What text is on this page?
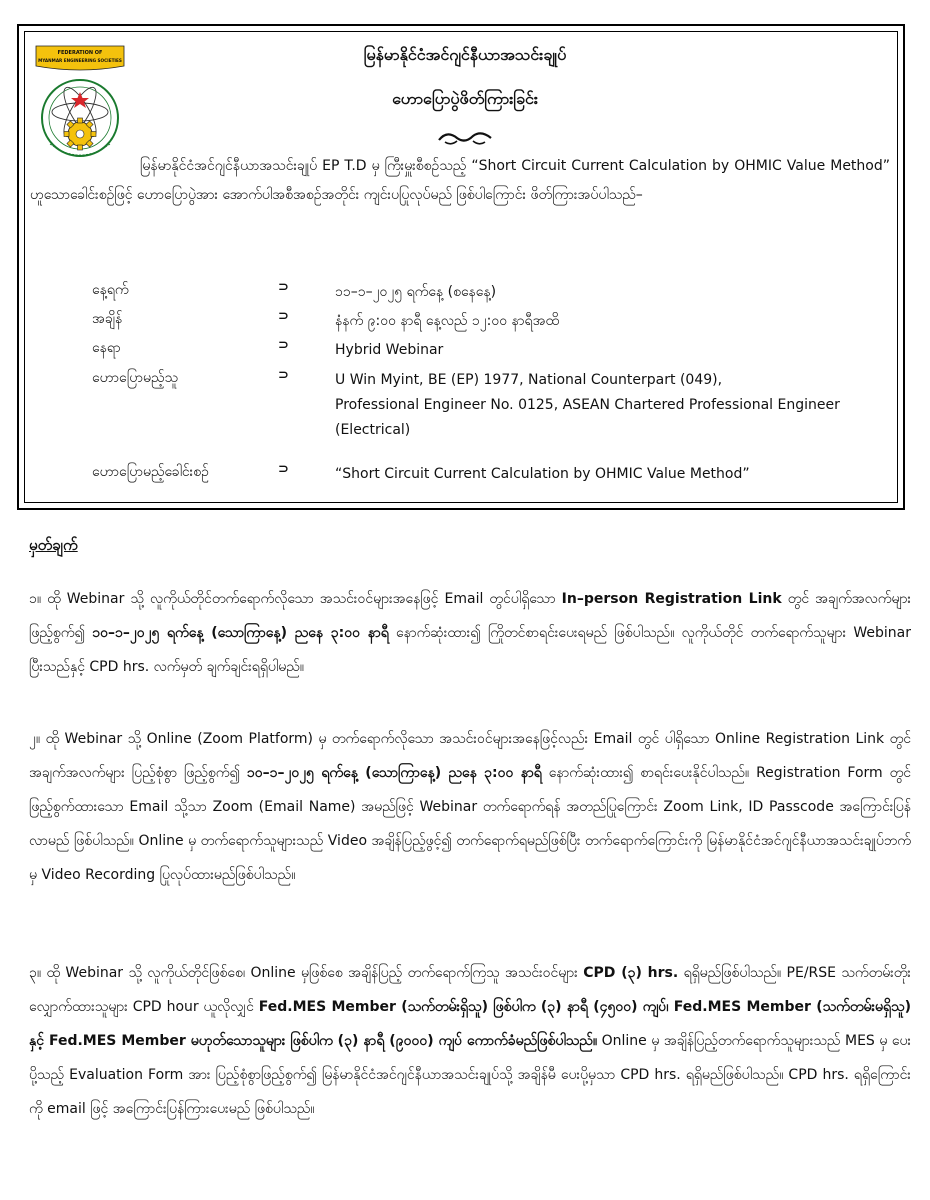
FEDERATION OF
MYANMAR ENGINEERING SOCIETIES	မြန်မာနိုင်ငံအင်ဂျင်နီယာအသင်းချုပ်
ဟောပြောပွဲဖိတ်ကြားခြင်း

မြန်မာနိုင်ငံအင်ဂျင်နီယာအသင်းချုပ် EP T.D မှ ကြီးမှူးစီစဉ်သည့် “Short Circuit Current Calculation by OHMIC Value Method” ဟူသောခေါင်းစဉ်ဖြင့် ဟောပြောပွဲအား အောက်ပါအစီအစဉ်အတိုင်း ကျင်းပပြုလုပ်မည် ဖြစ်ပါကြောင်း ဖိတ်ကြားအပ်ပါသည်–

နေ့ရက်	⊃	၁၁–၁–၂၀၂၅ ရက်နေ့ (စနေနေ့)
အချိန်	⊃	နံနက် ၉:၀၀ နာရီ နေ့လည် ၁၂:၀၀ နာရီအထိ
နေရာ	⊃	Hybrid Webinar
ဟောပြောမည့်သူ	⊃	U Win Myint, BE (EP) 1977, National Counterpart (049),
Professional Engineer No. 0125, ASEAN Chartered Professional Engineer
(Electrical)
ဟောပြောမည့်ခေါင်းစဉ်	⊃	“Short Circuit Current Calculation by OHMIC Value Method”

မှတ်ချက်

၁။ ထို Webinar သို့ လူကိုယ်တိုင်တက်ရောက်လိုသော အသင်းဝင်များအနေဖြင့် Email တွင်ပါရှိသော In–person Registration Link တွင် အချက်အလက်များ ဖြည့်စွက်၍ ၁၀–၁–၂၀၂၅ ရက်နေ့ (သောကြာနေ့) ညနေ ၃:၀၀ နာရီ နောက်ဆုံးထား၍ ကြိုတင်စာရင်းပေးရမည် ဖြစ်ပါသည်။ လူကိုယ်တိုင် တက်ရောက်သူများ Webinar ပြီးသည်နှင့် CPD hrs. လက်မှတ် ချက်ချင်းရရှိပါမည်။

၂။ ထို Webinar သို့ Online (Zoom Platform) မှ တက်ရောက်လိုသော အသင်းဝင်များအနေဖြင့်လည်း Email တွင် ပါရှိသော Online Registration Link တွင် အချက်အလက်များ ပြည့်စုံစွာ ဖြည့်စွက်၍ ၁၀–၁–၂၀၂၅ ရက်နေ့ (သောကြာနေ့) ညနေ ၃:၀၀ နာရီ နောက်ဆုံးထား၍ စာရင်းပေးနိုင်ပါသည်။ Registration Form တွင် ဖြည့်စွက်ထားသော Email သို့သာ Zoom (Email Name) အမည်ဖြင့် Webinar တက်ရောက်ရန် အတည်ပြုကြောင်း Zoom Link, ID Passcode အကြောင်းပြန်လာမည် ဖြစ်ပါသည်။ Online မှ တက်ရောက်သူများသည် Video အချိန်ပြည့်ဖွင့်၍ တက်ရောက်ရမည်ဖြစ်ပြီး တက်ရောက်ကြောင်းကို မြန်မာနိုင်ငံအင်ဂျင်နီယာအသင်းချုပ်ဘက်မှ Video Recording ပြုလုပ်ထားမည်ဖြစ်ပါသည်။

၃။ ထို Webinar သို့ လူကိုယ်တိုင်ဖြစ်စေ၊ Online မှဖြစ်စေ အချိန်ပြည့် တက်ရောက်ကြသူ အသင်းဝင်များ CPD (၃) hrs. ရရှိမည်ဖြစ်ပါသည်။ PE/RSE သက်တမ်းတိုးလျှောက်ထားသူများ CPD hour ယူလိုလျှင် Fed.MES Member (သက်တမ်းရှိသူ) ဖြစ်ပါက (၃) နာရီ (၄၅၀၀) ကျပ်၊ Fed.MES Member (သက်တမ်းမရှိသူ) နှင့် Fed.MES Member မဟုတ်သောသူများ ဖြစ်ပါက (၃) နာရီ (၉၀၀၀) ကျပ် ကောက်ခံမည်ဖြစ်ပါသည်။ Online မှ အချိန်ပြည့်တက်ရောက်သူများသည် MES မှ ပေးပို့သည့် Evaluation Form အား ပြည့်စုံစွာဖြည့်စွက်၍ မြန်မာနိုင်ငံအင်ဂျင်နီယာအသင်းချုပ်သို့ အချိန်မီ ပေးပို့မှသာ CPD hrs. ရရှိမည်ဖြစ်ပါသည်။ CPD hrs. ရရှိကြောင်းကို email ဖြင့် အကြောင်းပြန်ကြားပေးမည် ဖြစ်ပါသည်။
